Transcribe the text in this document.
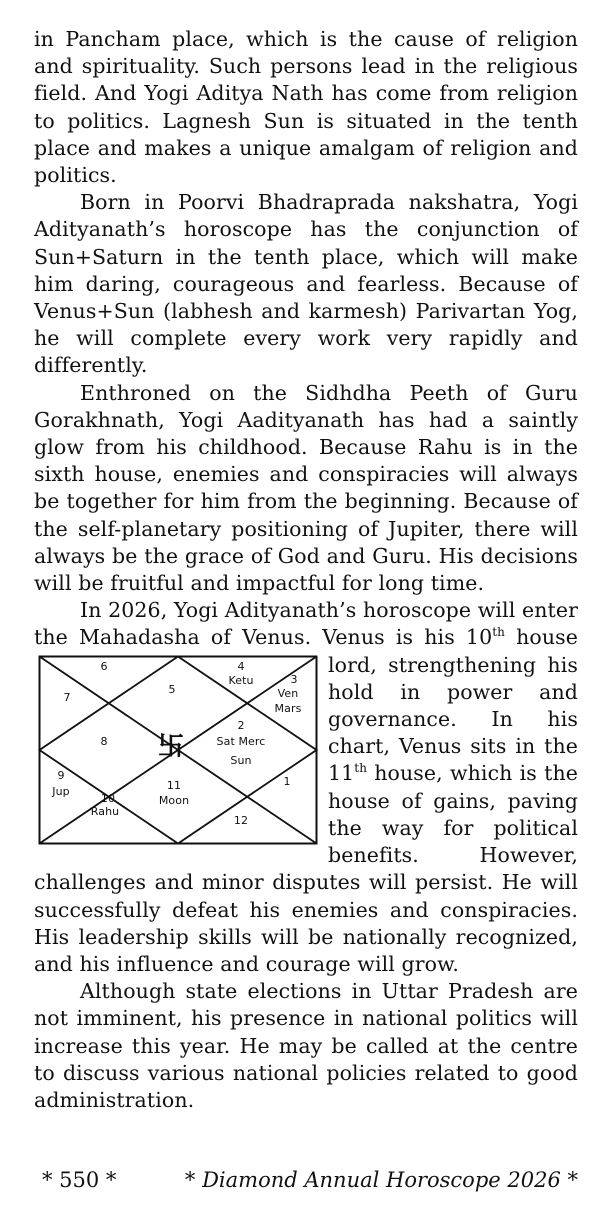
in Pancham place, which is the cause of religion and spirituality. Such persons lead in the religious field. And Yogi Aditya Nath has come from religion to politics. Lagnesh Sun is situated in the tenth place and makes a unique amalgam of religion and politics.

Born in Poorvi Bhadraprada nakshatra, Yogi Adityanath’s horoscope has the conjunction of Sun+Saturn in the tenth place, which will make him daring, courageous and fearless. Because of Venus+Sun (labhesh and karmesh) Parivartan Yog, he will complete every work very rapidly and differently.

Enthroned on the Sidhdha Peeth of Guru Gorakhnath, Yogi Aadityanath has had a saintly glow from his childhood. Because Rahu is in the sixth house, enemies and conspiracies will always be together for him from the beginning. Because of the self-planetary positioning of Jupiter, there will always be the grace of God and Guru. His decisions will be fruitful and impactful for long time.

In 2026, Yogi Adityanath’s horoscope will enter the Mahadasha of Venus. Venus is his 10th
6
7
8
9
Jup
10
Rahu
5
4
Ketu	3
Ven
Mars
2
Sat Merc
Sun
1
11
Moon
12
卐
house lord, strengthening his hold in power and governance. In his chart, Venus sits in the 11th house, which is the house of gains, paving the way for political benefits. However, challenges and minor disputes will persist. He will successfully defeat his enemies and conspiracies. His leadership skills will be nationally recognized, and his influence and courage will grow.

Although state elections in Uttar Pradesh are not imminent, his presence in national politics will increase this year. He may be called at the centre to discuss various national policies related to good administration.

* 550 *	* Diamond Annual Horoscope 2026 *
